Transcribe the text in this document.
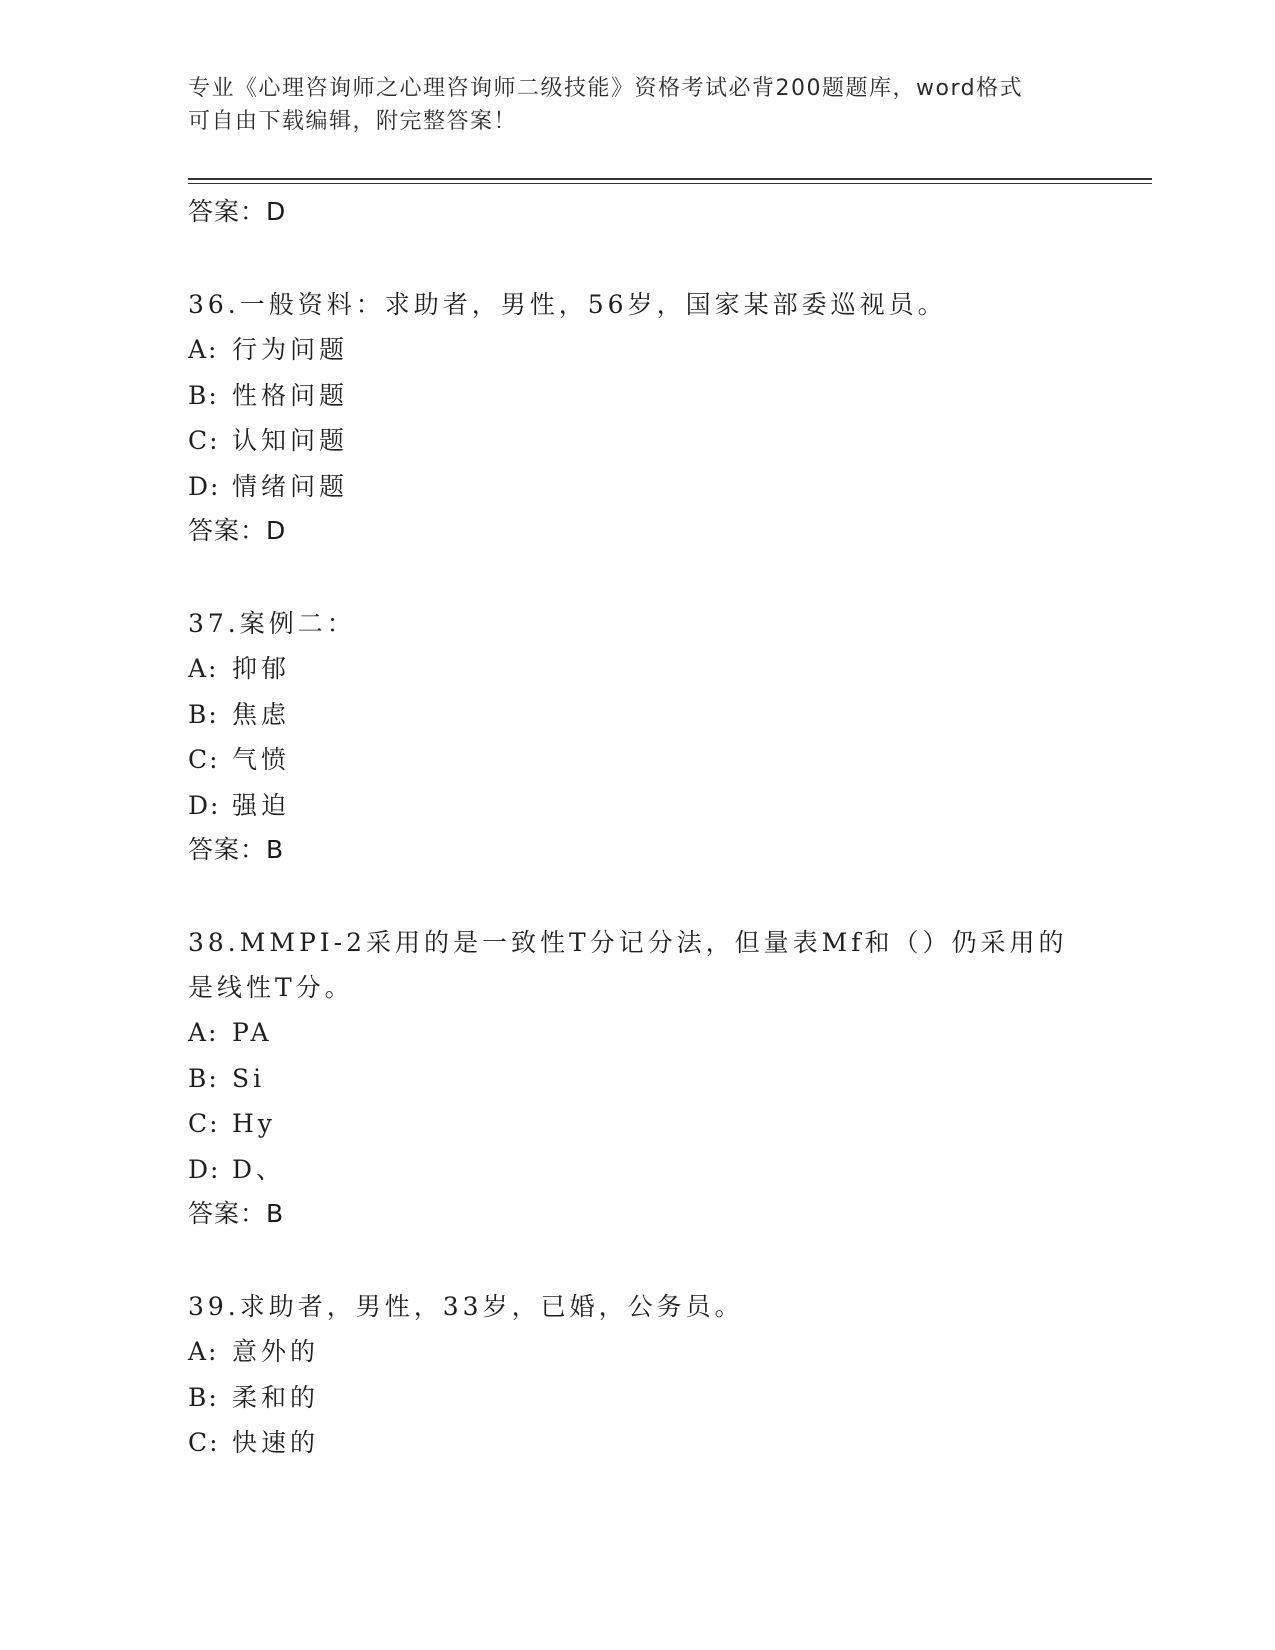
专业《心理咨询师之心理咨询师二级技能》资格考试必背200题题库，word格式
可自由下载编辑，附完整答案！
答案：D
36.一般资料：求助者，男性，56岁，国家某部委巡视员。
A: 行为问题
B: 性格问题
C: 认知问题
D: 情绪问题
答案：D
37.案例二：
A: 抑郁
B: 焦虑
C: 气愤
D: 强迫
答案：B
38.MMPI-2采用的是一致性T分记分法，但量表Mf和（）仍采用的是线性T分。
A: PA
B: Si
C: Hy
D: D、
答案：B
39.求助者，男性，33岁，已婚，公务员。
A: 意外的
B: 柔和的
C: 快速的
